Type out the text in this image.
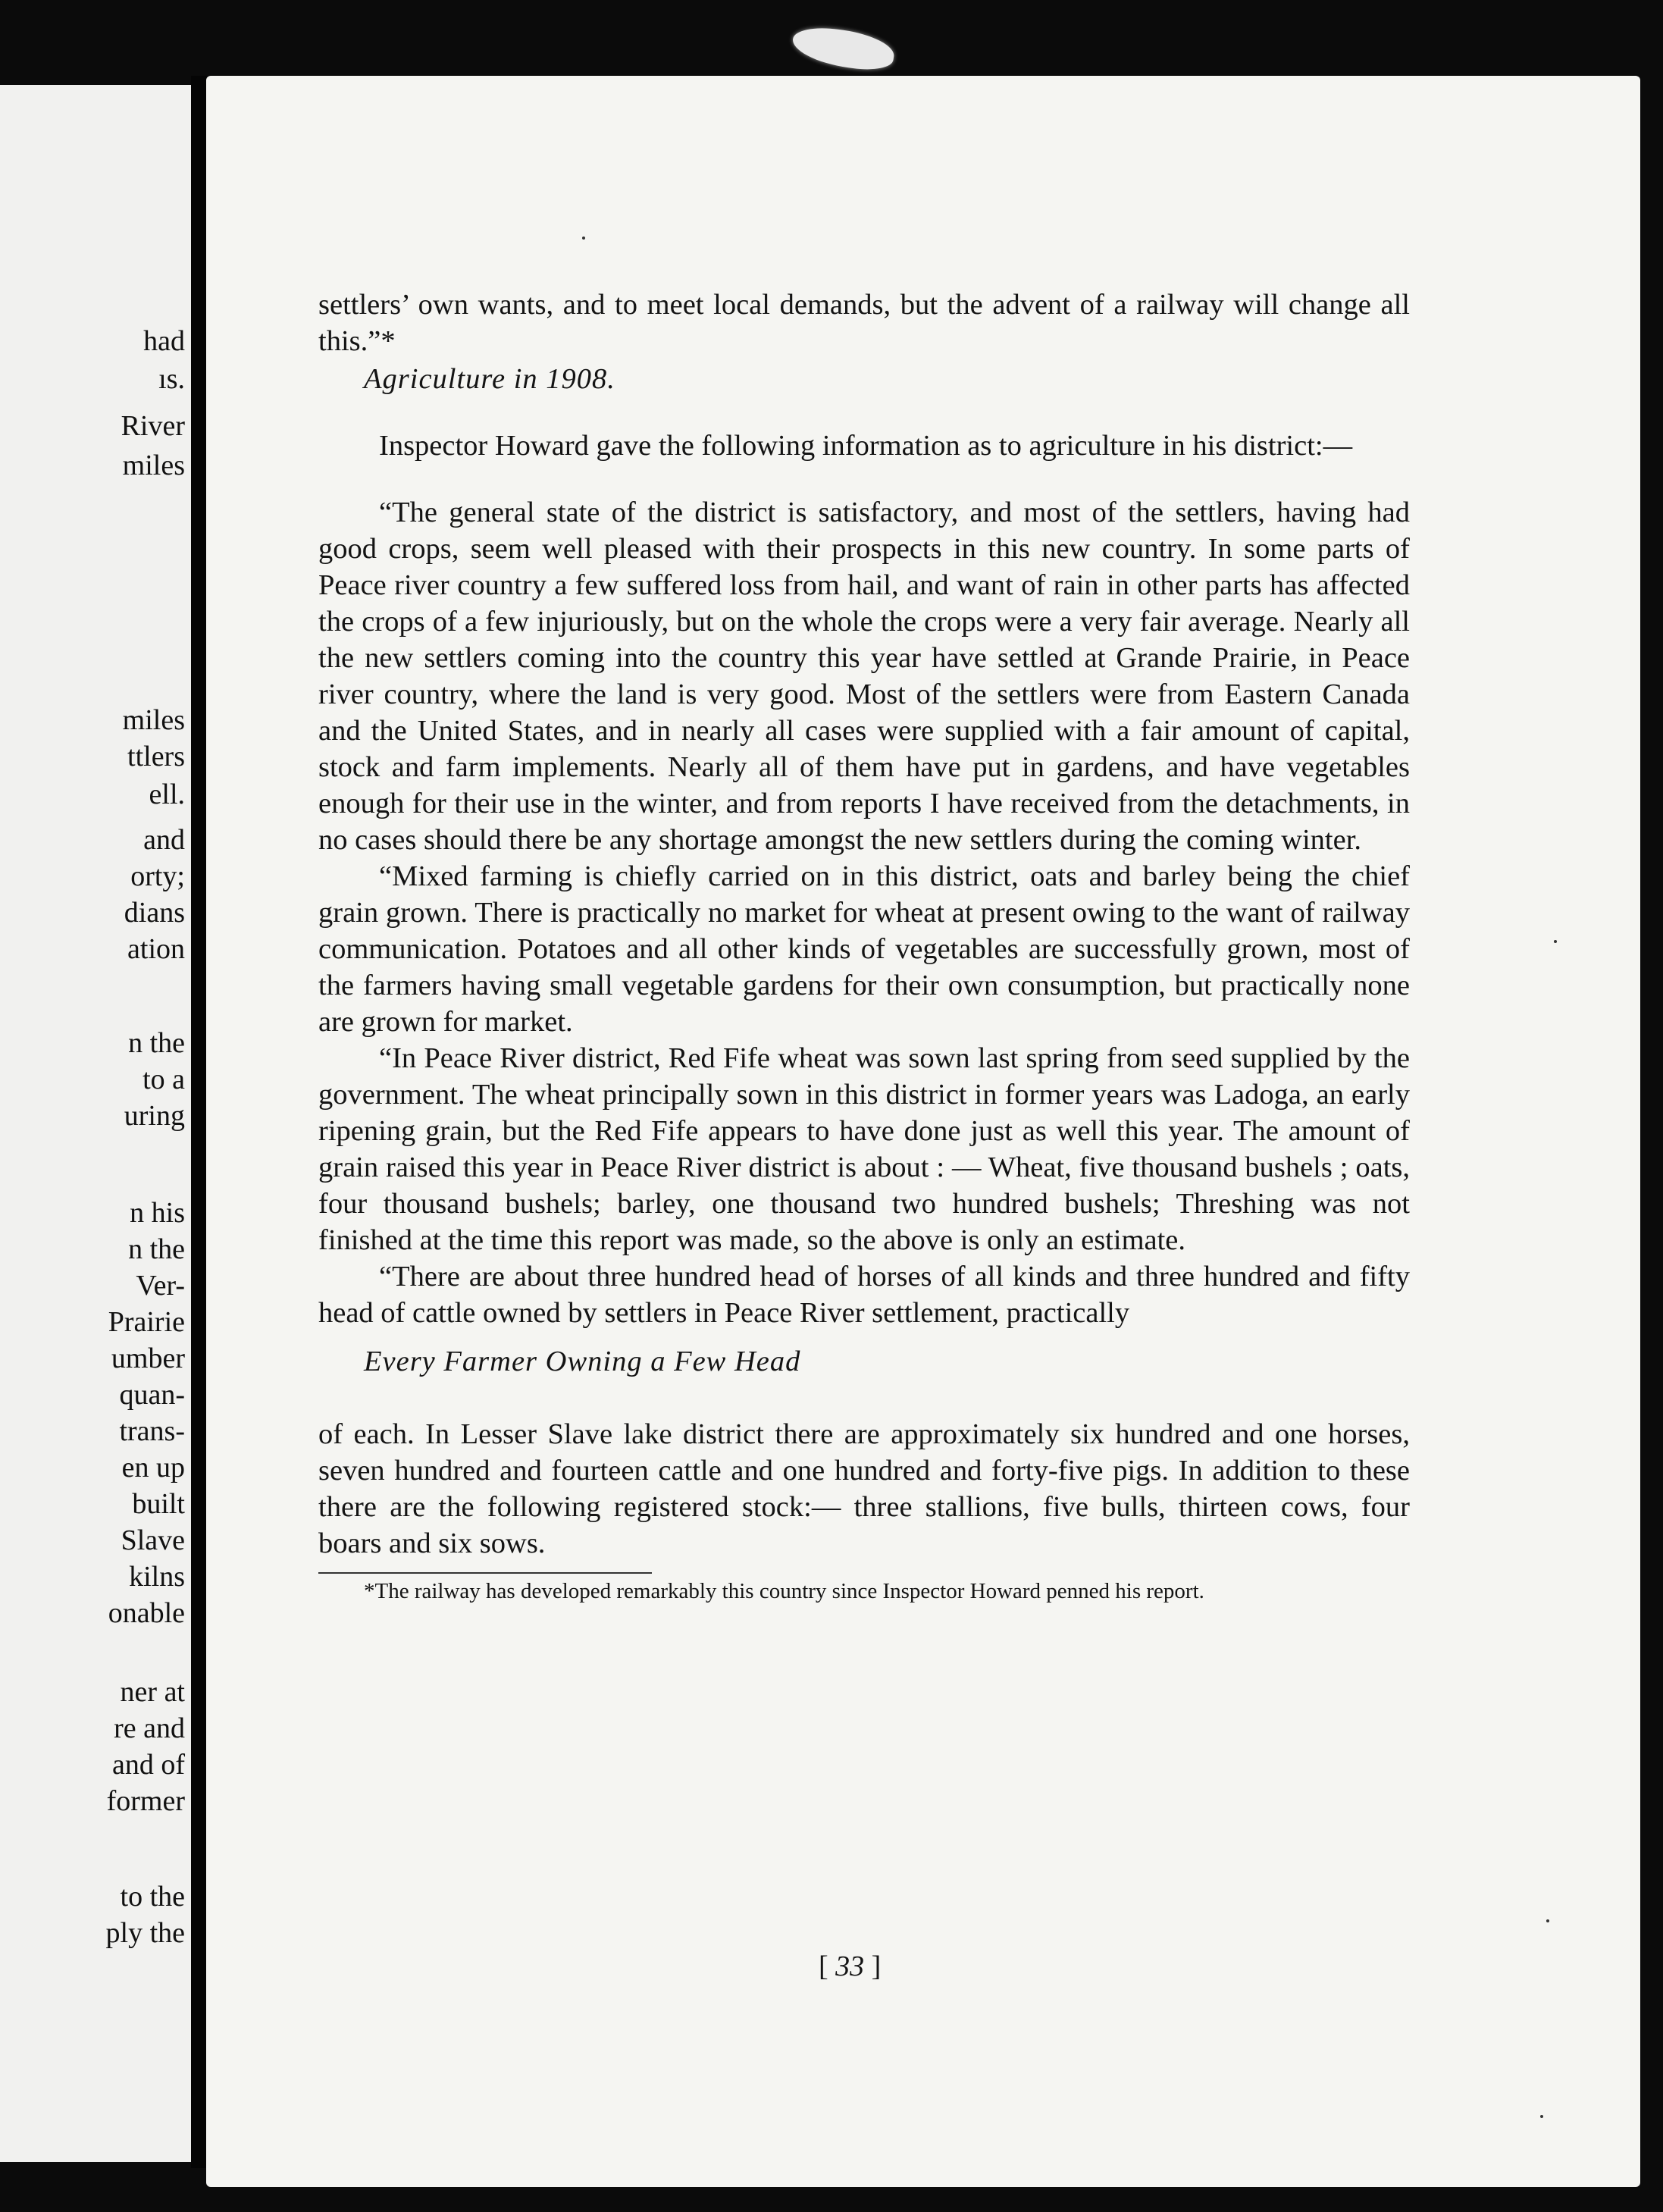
had
ıs.
River
miles
miles
ttlers
ell.
and
orty;
dians
ation
n the
to a
uring
n his
n the
Ver-
Prairie
umber
quan-
trans-
en up
built
Slave
kilns
onable
ner at
re and
and of
former
to the
ply the

settlers’ own wants, and to meet local demands, but the advent of a railway will change all this.”*

Agriculture in 1908.

Inspector Howard gave the following information as to agriculture in his district:—

“The general state of the district is satisfactory, and most of the settlers, having had good crops, seem well pleased with their prospects in this new country. In some parts of Peace river country a few suffered loss from hail, and want of rain in other parts has affected the crops of a few injuriously, but on the whole the crops were a very fair average. Nearly all the new settlers coming into the country this year have settled at Grande Prairie, in Peace river country, where the land is very good. Most of the settlers were from Eastern Canada and the United States, and in nearly all cases were supplied with a fair amount of capital, stock and farm implements. Nearly all of them have put in gardens, and have vegetables enough for their use in the winter, and from reports I have received from the detachments, in no cases should there be any shortage amongst the new settlers during the coming winter.

“Mixed farming is chiefly carried on in this district, oats and barley being the chief grain grown. There is practically no market for wheat at present owing to the want of railway communication. Potatoes and all other kinds of vegetables are successfully grown, most of the farmers having small vegetable gardens for their own consumption, but practically none are grown for market.

“In Peace River district, Red Fife wheat was sown last spring from seed supplied by the government. The wheat principally sown in this district in former years was Ladoga, an early ripening grain, but the Red Fife appears to have done just as well this year. The amount of grain raised this year in Peace River district is about : — Wheat, five thousand bushels ; oats, four thousand bushels; barley, one thousand two hundred bushels; Threshing was not finished at the time this report was made, so the above is only an estimate.

“There are about three hundred head of horses of all kinds and three hundred and fifty head of cattle owned by settlers in Peace River settlement, practically

Every Farmer Owning a Few Head

of each. In Lesser Slave lake district there are approximately six hundred and one horses, seven hundred and fourteen cattle and one hundred and forty-five pigs. In addition to these there are the following registered stock:— three stallions, five bulls, thirteen cows, four boars and six sows.

*The railway has developed remarkably this country since Inspector Howard penned his report.

[ 33 ]
